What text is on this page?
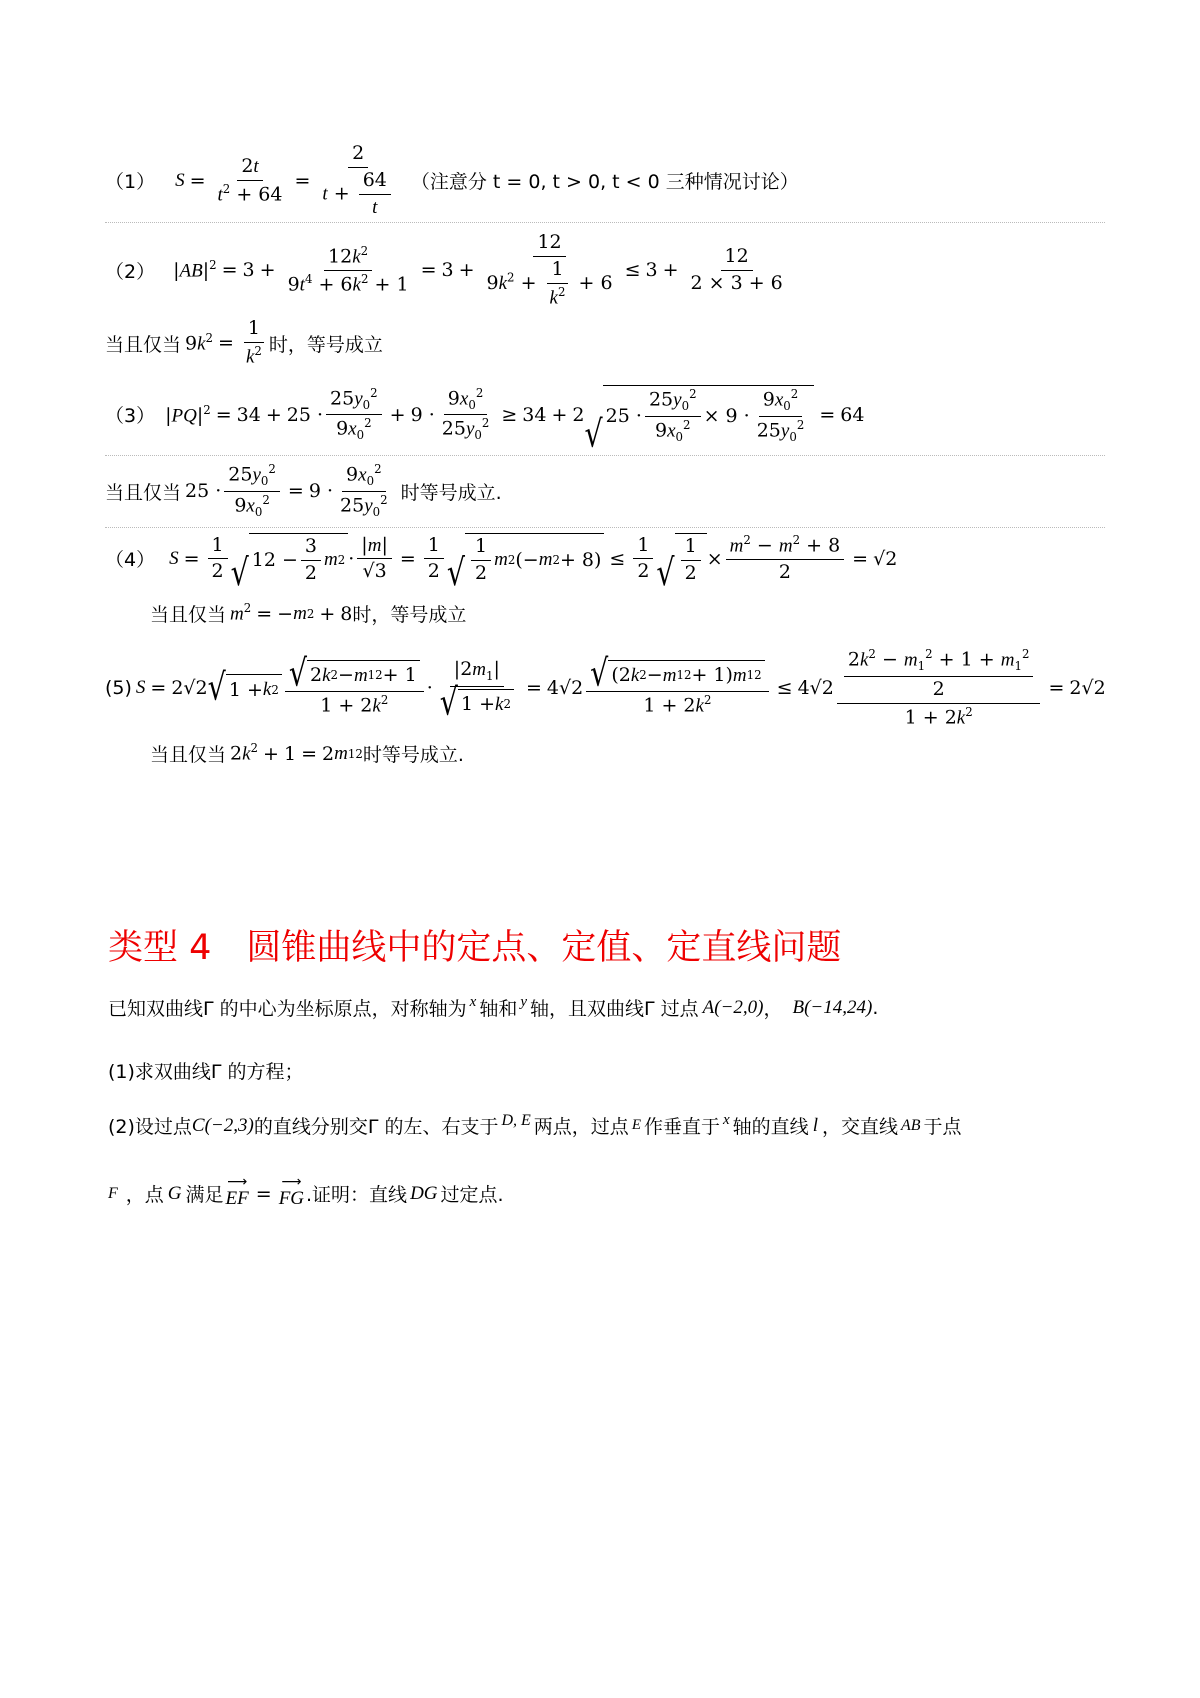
（1） $S = \frac{2t}{t^2 + 64} = \frac{2}{t + \frac{64}{t}}$ （注意分 t = 0, t > 0, t < 0 三种情况讨论）
（2） $|AB|^2 = 3 + \frac{12k^2}{9t^4 + 6k^2 + 1} = 3 + \frac{12}{9k^2 + \frac{1}{k^2} + 6} \le 3 + \frac{12}{2 \times 3 + 6}$
当且仅当 $9k^2 = \frac{1}{k^2}$ 时，等号成立
（3） $|PQ|^2 = 34 + 25 \cdot \frac{25y_0^2}{9x_0^2} + 9 \cdot \frac{9x_0^2}{25y_0^2} \ge 34 + 2$ √ $25 \cdot \frac{25y_0^2}{9x_0^2} \times 9 \cdot \frac{9x_0^2}{25y_0^2} = 64$
当且仅当 $25 \cdot \frac{25y_0^2}{9x_0^2} = 9 \cdot \frac{9x_0^2}{25y_0^2}$ 时等号成立.
（4） $S = \frac{1}{2}$ √ $12 - \frac{3}{2}$ m $2 \cdot \frac{|m|}{√3} = \frac{1}{2}$ √ $\frac{1}{2}$ m 2 (− m $2 + 8) \le \frac{1}{2}$ √ $\frac{1}{2} \times \frac{m^2 - m^2 + 8}{2} = √2$
当且仅当 $m^2$ = − m 2 + 8 时，等号成立
(5) S = 2√2 √ 1 + k $2 \frac{√ 2 k 2 - m 1 2 + 1}{1 + 2k^2} \cdot \frac{|2m_1|}{√ 1 + k 2} = 4√2 \frac{√ (2 k 2 - m 1 2 + 1) m 1 2}{1 + 2k^2} \le 4√2 \frac{\frac{2k^2 - m_1^2 + 1 + m_1^2}{2}}{1 + 2k^2} = 2√2$
当且仅当 $2k^2 + 1 = 2$ m 1 2 时等号成立.
类型 4　圆锥曲线中的定点、定值、定直线问题
已知双曲线Γ 的中心为坐标原点，对称轴为 x 轴和 y 轴，且双曲线Γ 过点 A(−2,0) ， B(−14,24) .
(1)求双曲线Γ 的方程；
(2)设过点 C(−2,3) 的直线分别交Γ 的左、右支于 D, E 两点，过点 E 作垂直于 x 轴的直线 l ，交直线 AB 于点
F ，点 G 满足
⟶
EF =
⟶
FG .证明：直线 DG 过定点.
